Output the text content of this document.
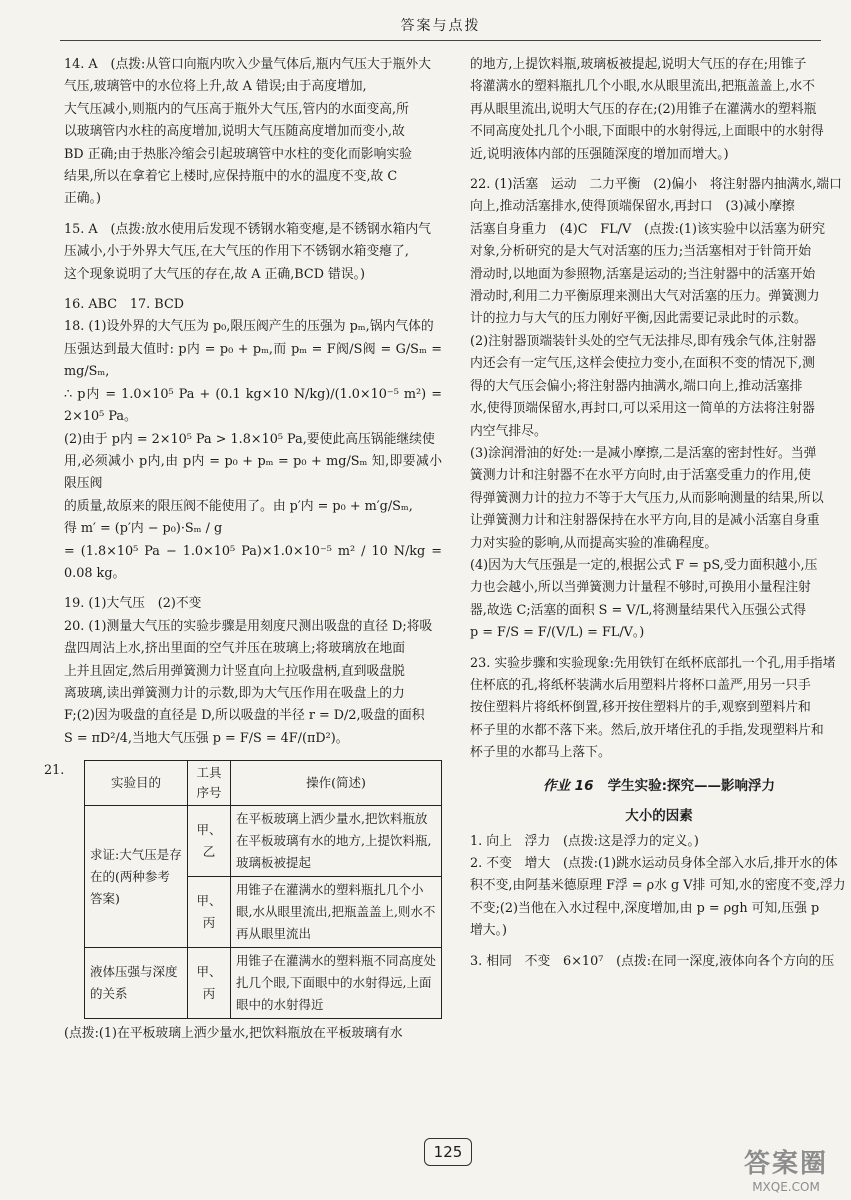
答案与点拨

14. A　(点拨:从管口向瓶内吹入少量气体后,瓶内气压大于瓶外大

气压,玻璃管中的水位将上升,故 A 错误;由于高度增加,

大气压减小,则瓶内的气压高于瓶外大气压,管内的水面变高,所

以玻璃管内水柱的高度增加,说明大气压随高度增加而变小,故

BD 正确;由于热胀冷缩会引起玻璃管中水柱的变化而影响实验

结果,所以在拿着它上楼时,应保持瓶中的水的温度不变,故 C

正确。)

15. A　(点拨:放水使用后发现不锈钢水箱变瘪,是不锈钢水箱内气

压减小,小于外界大气压,在大气压的作用下不锈钢水箱变瘪了,

这个现象说明了大气压的存在,故 A 正确,BCD 错误。)

16. ABC　17. BCD

18. (1)设外界的大气压为 p₀,限压阀产生的压强为 pₘ,锅内气体的

压强达到最大值时: p内 = p₀ + pₘ,而 pₘ = F阀/S阀 = G/Sₘ = mg/Sₘ,

∴ p内 = 1.0×10⁵ Pa + (0.1 kg×10 N/kg)/(1.0×10⁻⁵ m²) = 2×10⁵ Pa。

(2)由于 p内 = 2×10⁵ Pa > 1.8×10⁵ Pa,要使此高压锅能继续使

用,必须减小 p内,由 p内 = p₀ + pₘ = p₀ + mg/Sₘ 知,即要减小限压阀

的质量,故原来的限压阀不能使用了。由 p′内 = p₀ + m′g/Sₘ,

得 m′ = (p′内 − p₀)·Sₘ / g

= (1.8×10⁵ Pa − 1.0×10⁵ Pa)×1.0×10⁻⁵ m² / 10 N/kg = 0.08 kg。

19. (1)大气压　(2)不变

20. (1)测量大气压的实验步骤是用刻度尺测出吸盘的直径 D;将吸

盘四周沾上水,挤出里面的空气并压在玻璃上;将玻璃放在地面

上并且固定,然后用弹簧测力计竖直向上拉吸盘柄,直到吸盘脱

离玻璃,读出弹簧测力计的示数,即为大气压作用在吸盘上的力

F;(2)因为吸盘的直径是 D,所以吸盘的半径 r = D/2,吸盘的面积

S = πD²/4,当地大气压强 p = F/S = 4F/(πD²)。

21.
实验目的	工具序号	操作(简述)
求证:大气压是存在的(两种参考答案)	甲、乙	在平板玻璃上洒少量水,把饮料瓶放在平板玻璃有水的地方,上提饮料瓶,玻璃板被提起
	甲、丙	用锥子在灌满水的塑料瓶扎几个小眼,水从眼里流出,把瓶盖盖上,则水不再从眼里流出
液体压强与深度的关系	甲、丙	用锥子在灌满水的塑料瓶不同高度处扎几个眼,下面眼中的水射得远,上面眼中的水射得近

(点拨:(1)在平板玻璃上洒少量水,把饮料瓶放在平板玻璃有水

的地方,上提饮料瓶,玻璃板被提起,说明大气压的存在;用锥子

将灌满水的塑料瓶扎几个小眼,水从眼里流出,把瓶盖盖上,水不

再从眼里流出,说明大气压的存在;(2)用锥子在灌满水的塑料瓶

不同高度处扎几个小眼,下面眼中的水射得远,上面眼中的水射得

近,说明液体内部的压强随深度的增加而增大。)

22. (1)活塞　运动　二力平衡　(2)偏小　将注射器内抽满水,端口

向上,推动活塞排水,使得顶端保留水,再封口　(3)减小摩擦

活塞自身重力　(4)C　FL/V　(点拨:(1)该实验中以活塞为研究

对象,分析研究的是大气对活塞的压力;当活塞相对于针筒开始

滑动时,以地面为参照物,活塞是运动的;当注射器中的活塞开始

滑动时,利用二力平衡原理来测出大气对活塞的压力。弹簧测力

计的拉力与大气的压力刚好平衡,因此需要记录此时的示数。

(2)注射器顶端装针头处的空气无法排尽,即有残余气体,注射器

内还会有一定气压,这样会使拉力变小,在面积不变的情况下,测

得的大气压会偏小;将注射器内抽满水,端口向上,推动活塞排

水,使得顶端保留水,再封口,可以采用这一简单的方法将注射器

内空气排尽。

(3)涂润滑油的好处:一是减小摩擦,二是活塞的密封性好。当弹

簧测力计和注射器不在水平方向时,由于活塞受重力的作用,使

得弹簧测力计的拉力不等于大气压力,从而影响测量的结果,所以

让弹簧测力计和注射器保持在水平方向,目的是减小活塞自身重

力对实验的影响,从而提高实验的准确程度。

(4)因为大气压强是一定的,根据公式 F = pS,受力面积越小,压

力也会越小,所以当弹簧测力计量程不够时,可换用小量程注射

器,故选 C;活塞的面积 S = V/L,将测量结果代入压强公式得

p = F/S = F/(V/L) = FL/V。)

23. 实验步骤和实验现象:先用铁钉在纸杯底部扎一个孔,用手指堵

住杯底的孔,将纸杯装满水后用塑料片将杯口盖严,用另一只手

按住塑料片将纸杯倒置,移开按住塑料片的手,观察到塑料片和

杯子里的水都不落下来。然后,放开堵住孔的手指,发现塑料片和

杯子里的水都马上落下。

作业 16 学生实验:探究——影响浮力
大小的因素

1. 向上　浮力　(点拨:这是浮力的定义。)

2. 不变　增大　(点拨:(1)跳水运动员身体全部入水后,排开水的体

积不变,由阿基米德原理 F浮 = ρ水 g V排 可知,水的密度不变,浮力

不变;(2)当他在入水过程中,深度增加,由 p = ρgh 可知,压强 p

增大。)

3. 相同　不变　6×10⁷　(点拨:在同一深度,液体向各个方向的压

125	答案圈
MXQE.COM
